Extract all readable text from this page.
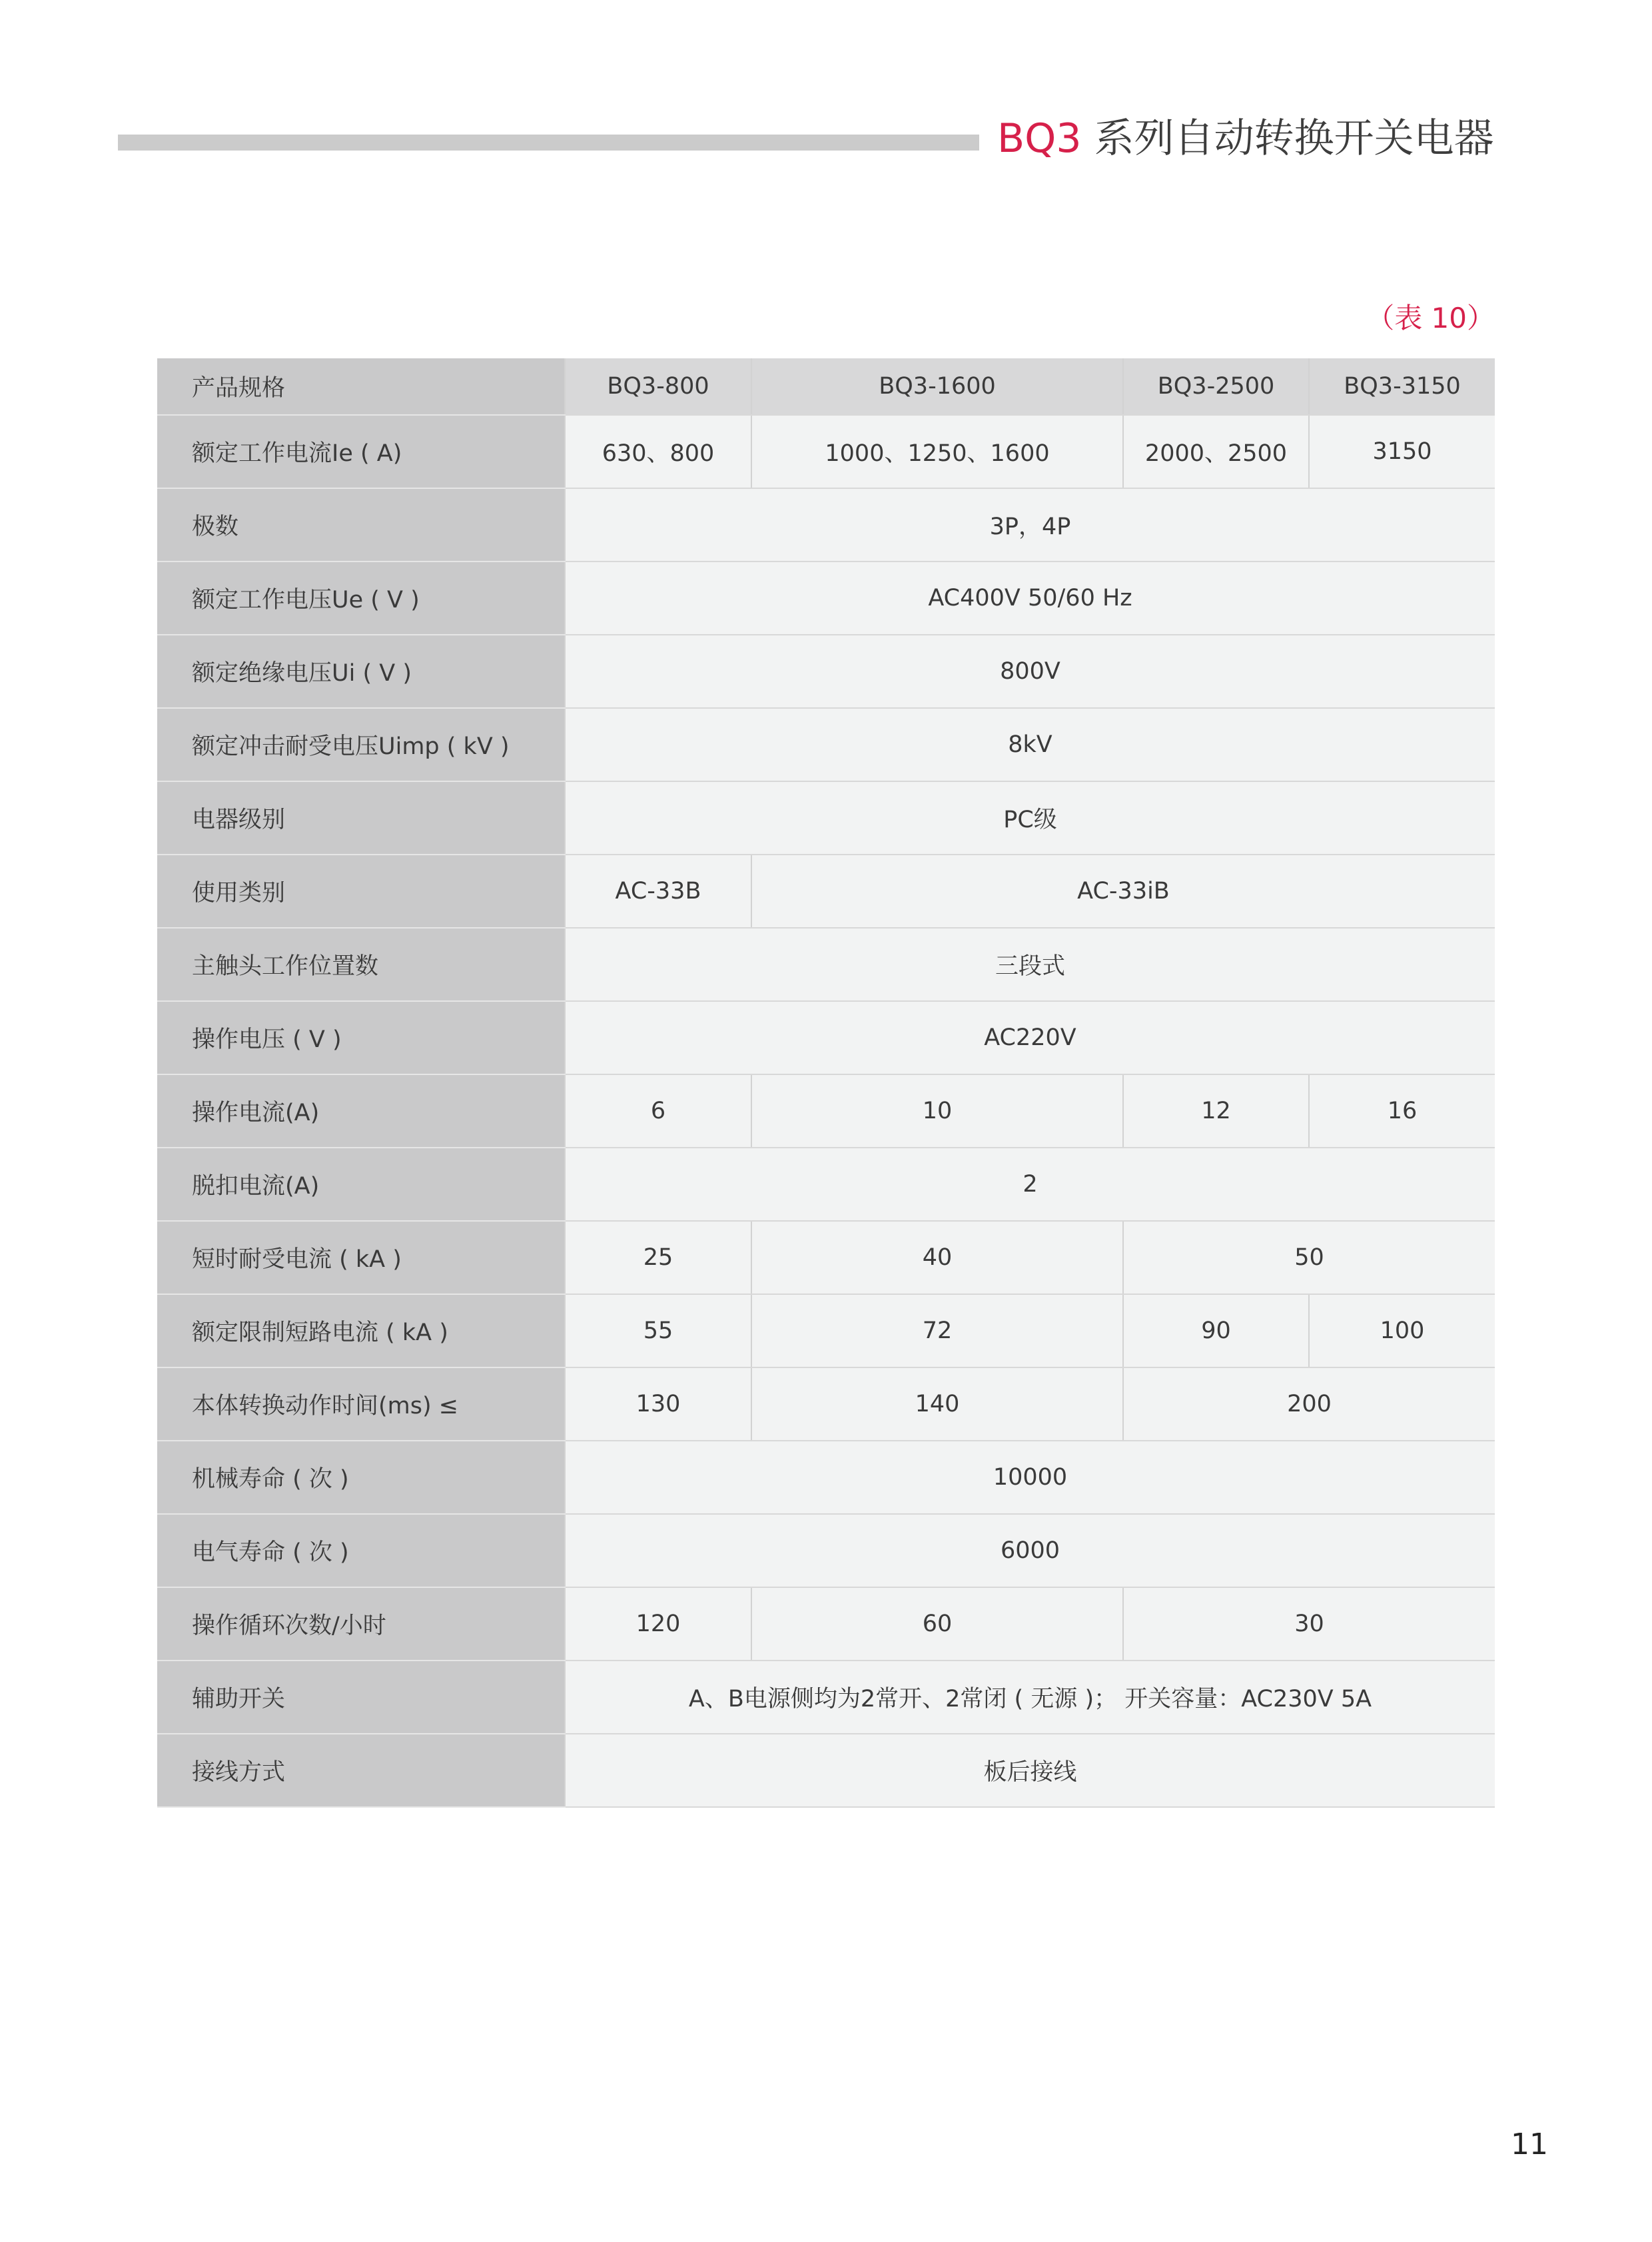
BQ3 系列自动转换开关电器
（表 10）
产品规格	BQ3-800	BQ3-1600	BQ3-2500	BQ3-3150
额定工作电流Ie ( A)	630、800	1000、1250、1600	2000、2500	3150
极数	3P，4P			
额定工作电压Ue ( V )	AC400V 50/60 Hz			
额定绝缘电压Ui ( V )	800V			
额定冲击耐受电压Uimp ( kV )	8kV			
电器级别	PC级			
使用类别	AC-33B	AC-33iB		
主触头工作位置数	三段式			
操作电压 ( V )	AC220V			
操作电流(A)	6	10	12	16
脱扣电流(A)	2			
短时耐受电流 ( kA )	25	40	50	
额定限制短路电流 ( kA )	55	72	90	100
本体转换动作时间(ms) ≤	130	140	200	
机械寿命 ( 次 )	10000			
电气寿命 ( 次 )	6000			
操作循环次数/小时	120	60	30	
辅助开关	A、B电源侧均为2常开、2常闭 ( 无源 )； 开关容量：AC230V 5A			
接线方式	板后接线			
11
